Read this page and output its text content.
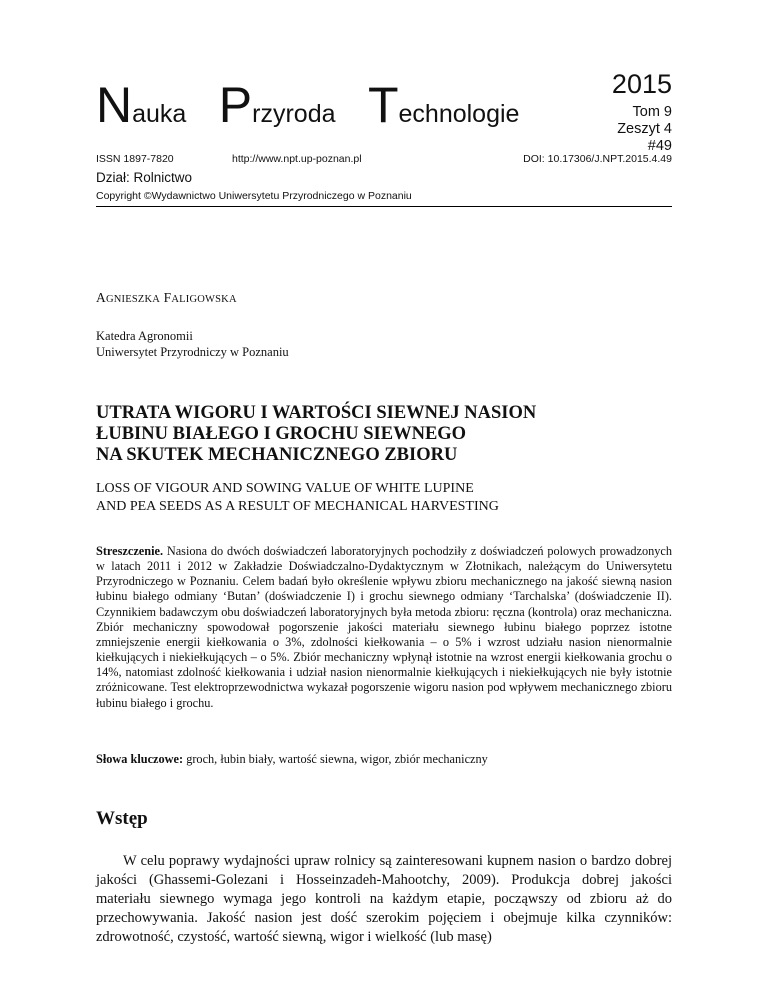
Nauka Przyroda Technologie
2015
Tom 9
Zeszyt 4
#49
ISSN 1897-7820	http://www.npt.up-poznan.pl	DOI: 10.17306/J.NPT.2015.4.49
Dział: Rolnictwo
Copyright ©Wydawnictwo Uniwersytetu Przyrodniczego w Poznaniu
AGNIESZKA FALIGOWSKA
Katedra Agronomii
Uniwersytet Przyrodniczy w Poznaniu
UTRATA WIGORU I WARTOŚCI SIEWNEJ NASION
ŁUBINU BIAŁEGO I GROCHU SIEWNEGO
NA SKUTEK MECHANICZNEGO ZBIORU
LOSS OF VIGOUR AND SOWING VALUE OF WHITE LUPINE
AND PEA SEEDS AS A RESULT OF MECHANICAL HARVESTING
Streszczenie. Nasiona do dwóch doświadczeń laboratoryjnych pochodziły z doświadczeń polowych prowadzonych w latach 2011 i 2012 w Zakładzie Doświadczalno-Dydaktycznym w Złotnikach, należącym do Uniwersytetu Przyrodniczego w Poznaniu. Celem badań było określenie wpływu zbioru mechanicznego na jakość siewną nasion łubinu białego odmiany ‘Butan’ (doświadczenie I) i grochu siewnego odmiany ‘Tarchalska’ (doświadczenie II). Czynnikiem badawczym obu doświadczeń laboratoryjnych była metoda zbioru: ręczna (kontrola) oraz mechaniczna. Zbiór mechaniczny spowodował pogorszenie jakości materiału siewnego łubinu białego poprzez istotne zmniejszenie energii kiełkowania o 3%, zdolności kiełkowania – o 5% i wzrost udziału nasion nienormalnie kiełkujących i niekiełkujących – o 5%. Zbiór mechaniczny wpłynął istotnie na wzrost energii kiełkowania grochu o 14%, natomiast zdolność kiełkowania i udział nasion nienormalnie kiełkujących i niekiełkujących nie były istotnie zróżnicowane. Test elektroprzewodnictwa wykazał pogorszenie wigoru nasion pod wpływem mechanicznego zbioru łubinu białego i grochu.
Słowa kluczowe: groch, łubin biały, wartość siewna, wigor, zbiór mechaniczny
Wstęp
W celu poprawy wydajności upraw rolnicy są zainteresowani kupnem nasion o bardzo dobrej jakości (Ghassemi-Golezani i Hosseinzadeh-Mahootchy, 2009). Produkcja dobrej jakości materiału siewnego wymaga jego kontroli na każdym etapie, począwszy od zbioru aż do przechowywania. Jakość nasion jest dość szerokim pojęciem i obejmuje kilka czynników: zdrowotność, czystość, wartość siewną, wigor i wielkość (lub masę)
